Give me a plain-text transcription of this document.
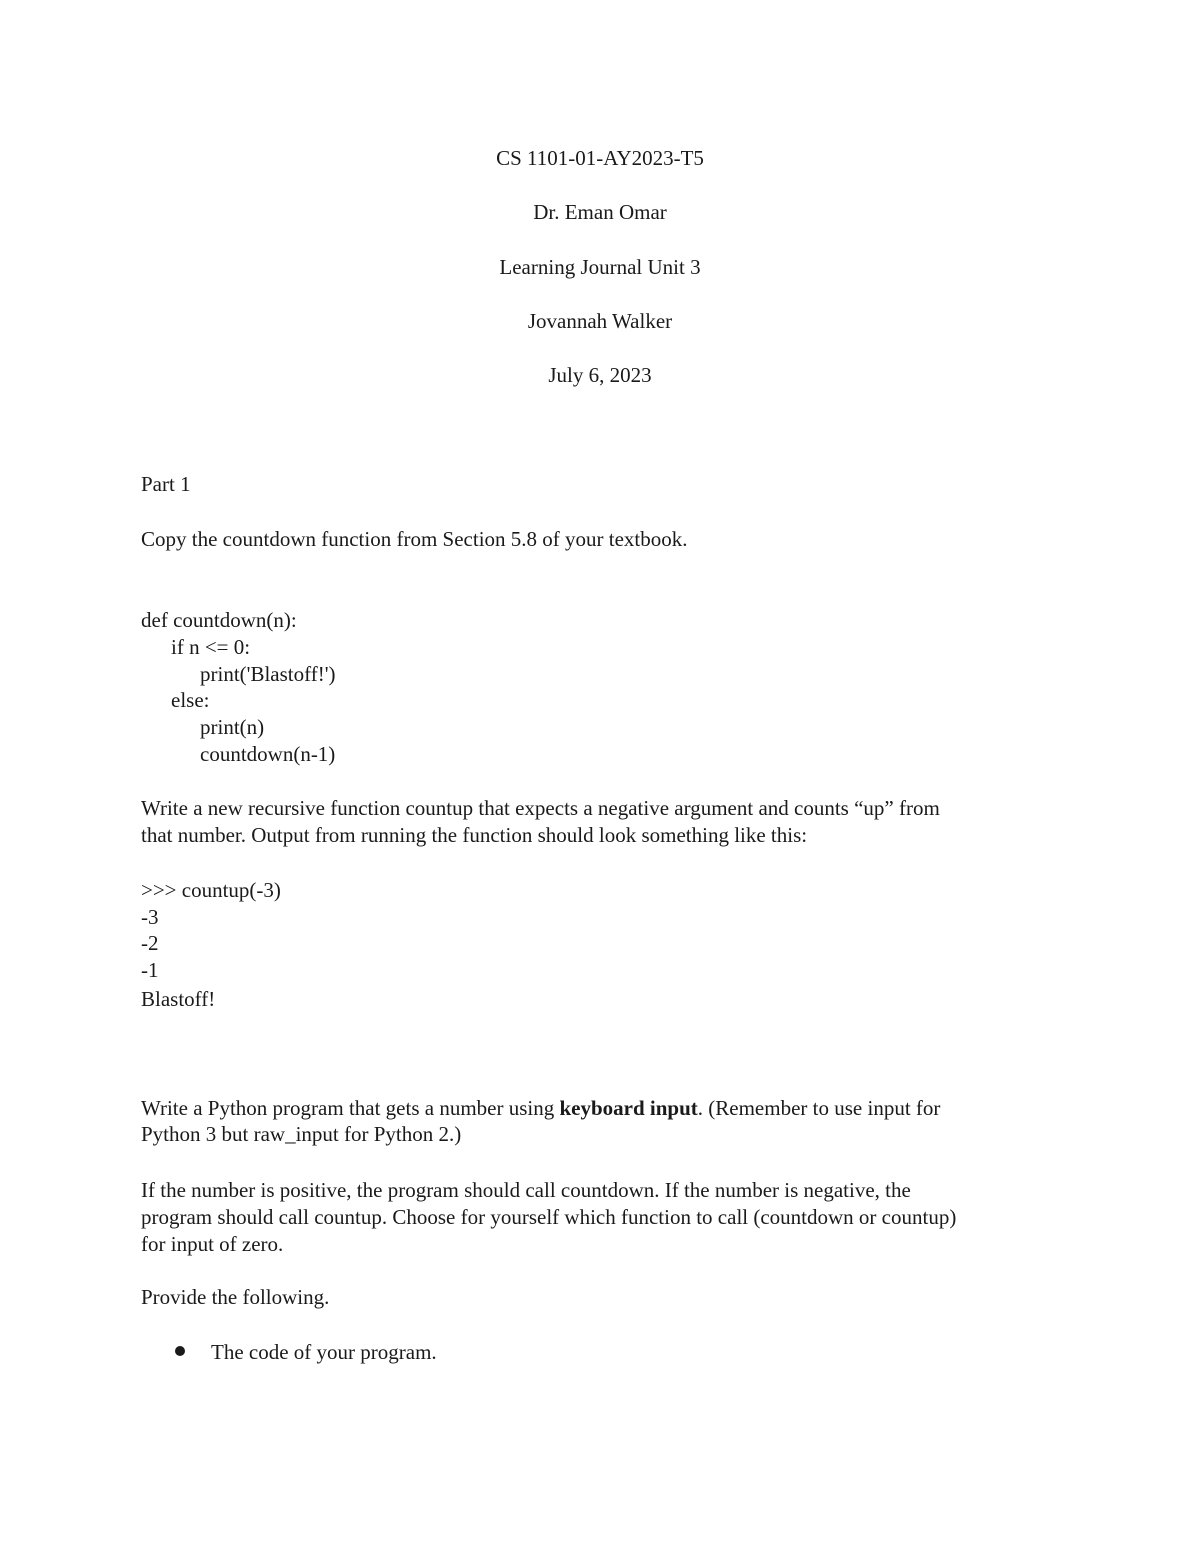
CS 1101-01-AY2023-T5
Dr. Eman Omar
Learning Journal Unit 3
Jovannah Walker
July 6, 2023
Part 1
Copy the countdown function from Section 5.8 of your textbook.
def countdown(n):
if n <= 0:
print('Blastoff!')
else:
print(n)
countdown(n-1)
Write a new recursive function countup that expects a negative argument and counts “up” from
that number. Output from running the function should look something like this:
>>> countup(-3)
-3
-2
-1
Blastoff!
Write a Python program that gets a number using keyboard input. (Remember to use input for
Python 3 but raw_input for Python 2.)
If the number is positive, the program should call countdown. If the number is negative, the
program should call countup. Choose for yourself which function to call (countdown or countup)
for input of zero.
Provide the following.
The code of your program.
